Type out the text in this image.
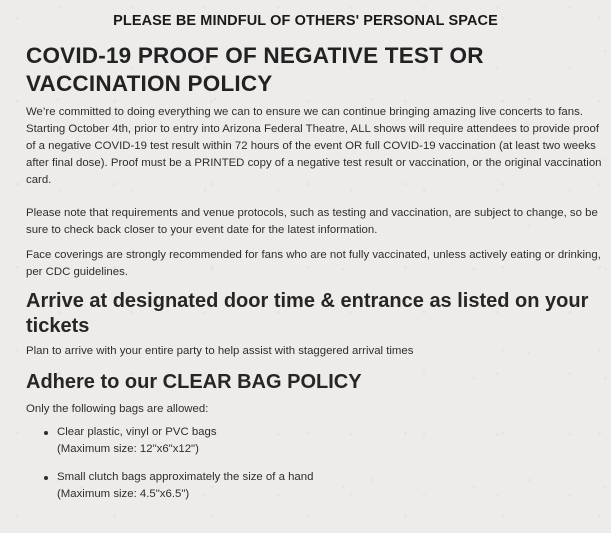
PLEASE BE MINDFUL OF OTHERS' PERSONAL SPACE
COVID-19 PROOF OF NEGATIVE TEST OR VACCINATION POLICY

We’re committed to doing everything we can to ensure we can continue bringing amazing live concerts to fans. Starting October 4th, prior to entry into Arizona Federal Theatre, ALL shows will require attendees to provide proof of a negative COVID-19 test result within 72 hours of the event OR full COVID-19 vaccination (at least two weeks after final dose). Proof must be a PRINTED copy of a negative test result or vaccination, or the original vaccination card.

Please note that requirements and venue protocols, such as testing and vaccination, are subject to change, so be sure to check back closer to your event date for the latest information.

Face coverings are strongly recommended for fans who are not fully vaccinated, unless actively eating or drinking, per CDC guidelines.

Arrive at designated door time & entrance as listed on your tickets

Plan to arrive with your entire party to help assist with staggered arrival times

Adhere to our CLEAR BAG POLICY

Only the following bags are allowed:

Clear plastic, vinyl or PVC bags
(Maximum size: 12"x6"x12")
Small clutch bags approximately the size of a hand
(Maximum size: 4.5"x6.5")
